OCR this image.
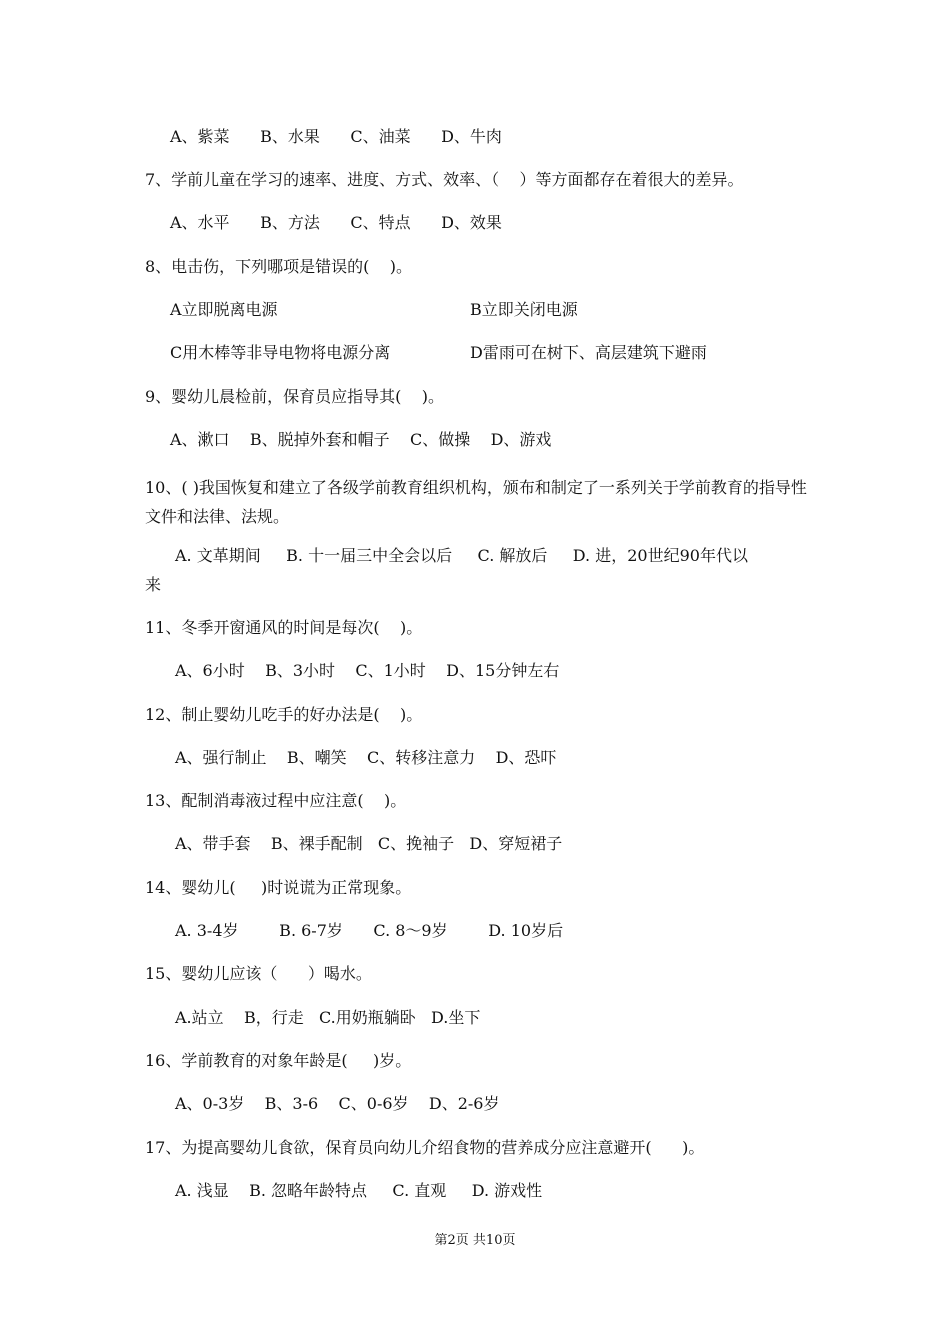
A、紫菜      B、水果      C、油菜      D、牛肉
7、学前儿童在学习的速率、进度、方式、效率、（    ）等方面都存在着很大的差异。
A、水平      B、方法      C、特点      D、效果
8、电击伤，下列哪项是错误的(    )。
A立即脱离电源	B立即关闭电源
C用木棒等非导电物将电源分离	D雷雨可在树下、高层建筑下避雨
9、婴幼儿晨检前，保育员应指导其(    )。
A、漱口    B、脱掉外套和帽子    C、做操    D、游戏
10、( )我国恢复和建立了各级学前教育组织机构，颁布和制定了一系列关于学前教育的指导性文件和法律、法规。
A. 文革期间     B. 十一届三中全会以后     C. 解放后     D. 进，20世纪90年代以
来
11、冬季开窗通风的时间是每次(    )。
A、6小时    B、3小时    C、1小时    D、15分钟左右
12、制止婴幼儿吃手的好办法是(    )。
A、强行制止    B、嘲笑    C、转移注意力    D、恐吓
13、配制消毒液过程中应注意(    )。
A、带手套    B、裸手配制   C、挽袖子   D、穿短裙子
14、婴幼儿(     )时说谎为正常现象。
A. 3-4岁        B. 6-7岁      C. 8～9岁        D. 10岁后
15、婴幼儿应该（      ）喝水。
A.站立    B，行走   C.用奶瓶躺卧   D.坐下
16、学前教育的对象年龄是(     )岁。
A、0-3岁    B、3-6    C、0-6岁    D、2-6岁
17、为提高婴幼儿食欲，保育员向幼儿介绍食物的营养成分应注意避开(      )。
A. 浅显    B. 忽略年龄特点     C. 直观     D. 游戏性
第2页 共10页
